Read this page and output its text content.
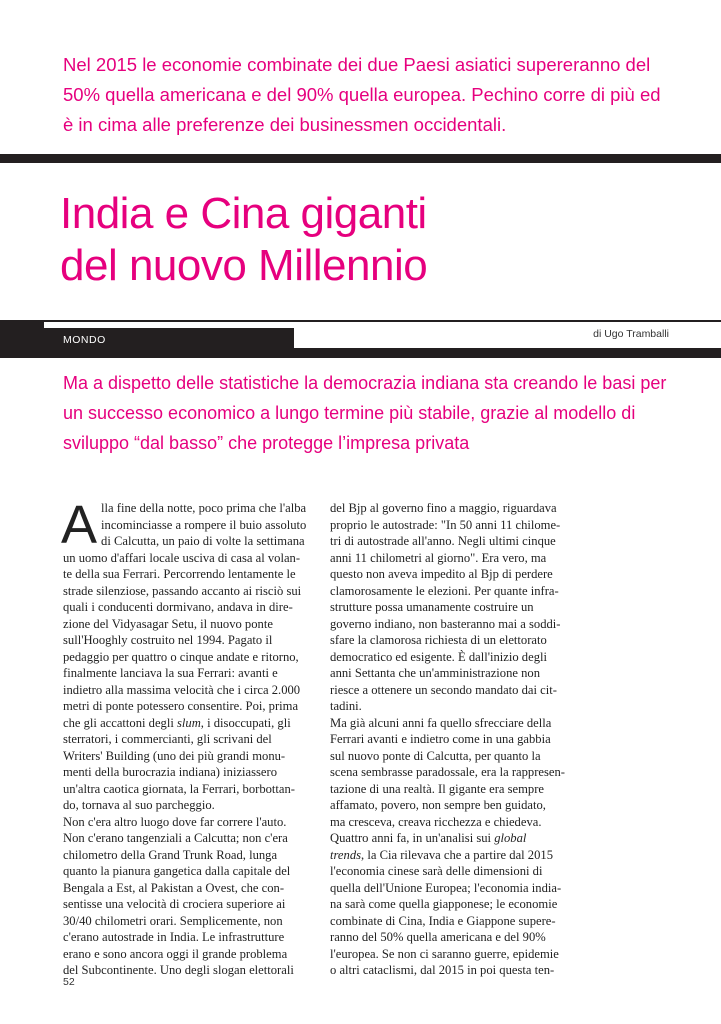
Nel 2015 le economie combinate dei due Paesi asiatici supereranno del 50% quella americana e del 90% quella europea. Pechino corre di più ed è in cima alle preferenze dei businessmen occidentali.
India e Cina giganti
del nuovo Millennio
MONDO	di Ugo Tramballi
Ma a dispetto delle statistiche la democrazia indiana sta creando le basi per un successo economico a lungo termine più stabile, grazie al modello di sviluppo “dal basso” che protegge l’impresa privata
A lla fine della notte, poco prima che l'alba

incominciasse a rompere il buio assoluto

di Calcutta, un paio di volte la settimana

un uomo d'affari locale usciva di casa al volan-

te della sua Ferrari. Percorrendo lentamente le

strade silenziose, passando accanto ai risciò sui

quali i conducenti dormivano, andava in dire-

zione del Vidyasagar Setu, il nuovo ponte

sull'Hooghly costruito nel 1994. Pagato il

pedaggio per quattro o cinque andate e ritorno,

finalmente lanciava la sua Ferrari: avanti e

indietro alla massima velocità che i circa 2.000

metri di ponte potessero consentire. Poi, prima

che gli accattoni degli slum, i disoccupati, gli

sterratori, i commercianti, gli scrivani del

Writers' Building (uno dei più grandi monu-

menti della burocrazia indiana) iniziassero

un'altra caotica giornata, la Ferrari, borbottan-

do, tornava al suo parcheggio.

Non c'era altro luogo dove far correre l'auto.

Non c'erano tangenziali a Calcutta; non c'era

chilometro della Grand Trunk Road, lunga

quanto la pianura gangetica dalla capitale del

Bengala a Est, al Pakistan a Ovest, che con-

sentisse una velocità di crociera superiore ai

30/40 chilometri orari. Semplicemente, non

c'erano autostrade in India. Le infrastrutture

erano e sono ancora oggi il grande problema

del Subcontinente. Uno degli slogan elettorali

del Bjp al governo fino a maggio, riguardava

proprio le autostrade: "In 50 anni 11 chilome-

tri di autostrade all'anno. Negli ultimi cinque

anni 11 chilometri al giorno". Era vero, ma

questo non aveva impedito al Bjp di perdere

clamorosamente le elezioni. Per quante infra-

strutture possa umanamente costruire un

governo indiano, non basteranno mai a soddi-

sfare la clamorosa richiesta di un elettorato

democratico ed esigente. È dall'inizio degli

anni Settanta che un'amministrazione non

riesce a ottenere un secondo mandato dai cit-

tadini.

Ma già alcuni anni fa quello sfrecciare della

Ferrari avanti e indietro come in una gabbia

sul nuovo ponte di Calcutta, per quanto la

scena sembrasse paradossale, era la rappresen-

tazione di una realtà. Il gigante era sempre

affamato, povero, non sempre ben guidato,

ma cresceva, creava ricchezza e chiedeva.

Quattro anni fa, in un'analisi sui global

trends, la Cia rilevava che a partire dal 2015

l'economia cinese sarà delle dimensioni di

quella dell'Unione Europea; l'economia india-

na sarà come quella giapponese; le economie

combinate di Cina, India e Giappone supere-

ranno del 50% quella americana e del 90%

l'europea. Se non ci saranno guerre, epidemie

o altri cataclismi, dal 2015 in poi questa ten-

52
